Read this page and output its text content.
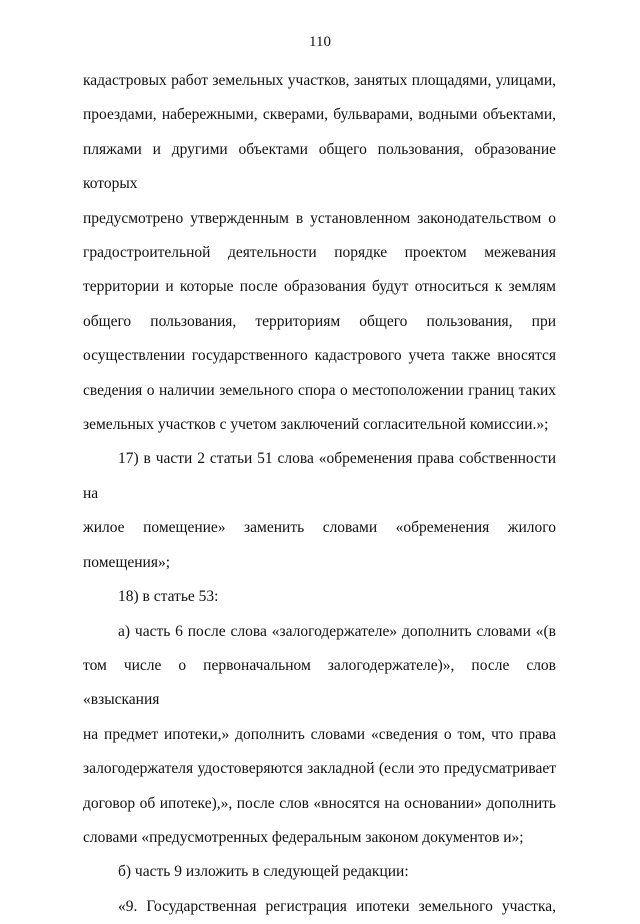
110

кадастровых работ земельных участков, занятых площадями, улицами,

проездами, набережными, скверами, бульварами, водными объектами,

пляжами и другими объектами общего пользования, образование которых

предусмотрено утвержденным в установленном законодательством о

градостроительной деятельности порядке проектом межевания

территории и которые после образования будут относиться к землям

общего пользования, территориям общего пользования, при

осуществлении государственного кадастрового учета также вносятся

сведения о наличии земельного спора о местоположении границ таких

земельных участков с учетом заключений согласительной комиссии.»;

17) в части 2 статьи 51 слова «обременения права собственности на

жилое помещение» заменить словами «обременения жилого помещения»;

18) в статье 53:

а) часть 6 после слова «залогодержателе» дополнить словами «(в

том числе о первоначальном залогодержателе)», после слов «взыскания

на предмет ипотеки,» дополнить словами «сведения о том, что права

залогодержателя удостоверяются закладной (если это предусматривает

договор об ипотеке),», после слов «вносятся на основании» дополнить

словами «предусмотренных федеральным законом документов и»;

б) часть 9 изложить в следующей редакции:

«9. Государственная регистрация ипотеки земельного участка,
